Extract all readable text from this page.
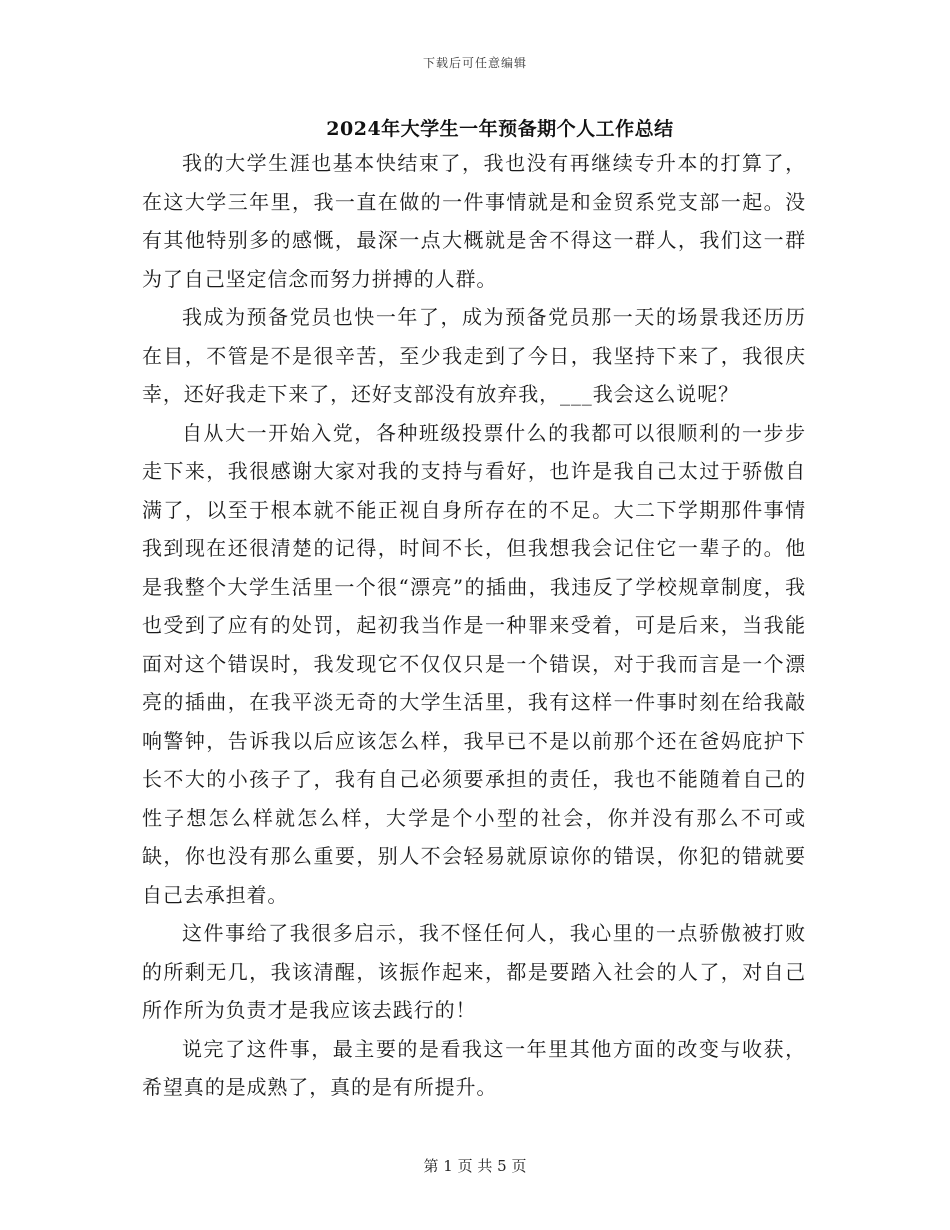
下载后可任意编辑
2024年大学生一年预备期个人工作总结

我的大学生涯也基本快结束了，我也没有再继续专升本的打算了，在这大学三年里，我一直在做的一件事情就是和金贸系党支部一起。没有其他特别多的感慨，最深一点大概就是舍不得这一群人，我们这一群为了自己坚定信念而努力拼搏的人群。

我成为预备党员也快一年了，成为预备党员那一天的场景我还历历在目，不管是不是很辛苦，至少我走到了今日，我坚持下来了，我很庆幸，还好我走下来了，还好支部没有放弃我，___我会这么说呢？

自从大一开始入党，各种班级投票什么的我都可以很顺利的一步步走下来，我很感谢大家对我的支持与看好，也许是我自己太过于骄傲自满了，以至于根本就不能正视自身所存在的不足。大二下学期那件事情我到现在还很清楚的记得，时间不长，但我想我会记住它一辈子的。他是我整个大学生活里一个很“漂亮”的插曲，我违反了学校规章制度，我也受到了应有的处罚，起初我当作是一种罪来受着，可是后来，当我能面对这个错误时，我发现它不仅仅只是一个错误，对于我而言是一个漂亮的插曲，在我平淡无奇的大学生活里，我有这样一件事时刻在给我敲响警钟，告诉我以后应该怎么样，我早已不是以前那个还在爸妈庇护下长不大的小孩子了，我有自己必须要承担的责任，我也不能随着自己的性子想怎么样就怎么样，大学是个小型的社会，你并没有那么不可或缺，你也没有那么重要，别人不会轻易就原谅你的错误，你犯的错就要自己去承担着。

这件事给了我很多启示，我不怪任何人，我心里的一点骄傲被打败的所剩无几，我该清醒，该振作起来，都是要踏入社会的人了，对自己所作所为负责才是我应该去践行的！

说完了这件事，最主要的是看我这一年里其他方面的改变与收获，希望真的是成熟了，真的是有所提升。

第 1 页 共 5 页
